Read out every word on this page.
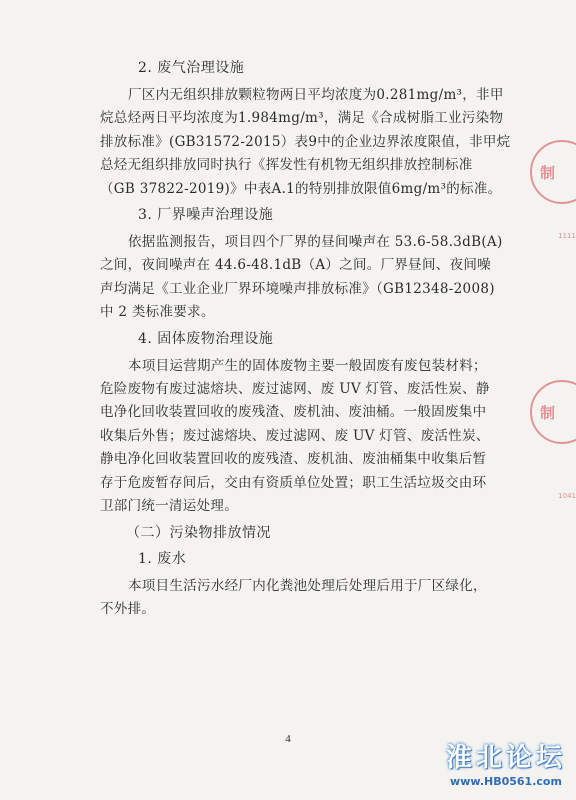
2. 废气治理设施
厂区内无组织排放颗粒物两日平均浓度为0.281mg/m³，非甲
烷总烃两日平均浓度为1.984mg/m³，满足《合成树脂工业污染物
排放标准》(GB31572-2015）表9中的企业边界浓度限值，非甲烷
总烃无组织排放同时执行《挥发性有机物无组织排放控制标准
（GB 37822-2019)》中表A.1的特别排放限值6mg/m³的标准。
3. 厂界噪声治理设施
依据监测报告，项目四个厂界的昼间噪声在 53.6-58.3dB(A)
之间，夜间噪声在 44.6-48.1dB（A）之间。厂界昼间、夜间噪
声均满足《工业企业厂界环境噪声排放标准》（GB12348-2008)
中 2 类标准要求。
4. 固体废物治理设施
本项目运营期产生的固体废物主要一般固废有废包装材料；
危险废物有废过滤熔块、废过滤网、废 UV 灯管、废活性炭、静
电净化回收装置回收的废残渣、废机油、废油桶。一般固废集中
收集后外售；废过滤熔块、废过滤网、废 UV 灯管、废活性炭、
静电净化回收装置回收的废残渣、废机油、废油桶集中收集后暂
存于危废暂存间后，交由有资质单位处置；职工生活垃圾交由环
卫部门统一清运处理。
（二）污染物排放情况
1. 废水
本项目生活污水经厂内化粪池处理后处理后用于厂区绿化，
不外排。
4
制
1111
制
1041
淮北论坛
www.HB0561.com
